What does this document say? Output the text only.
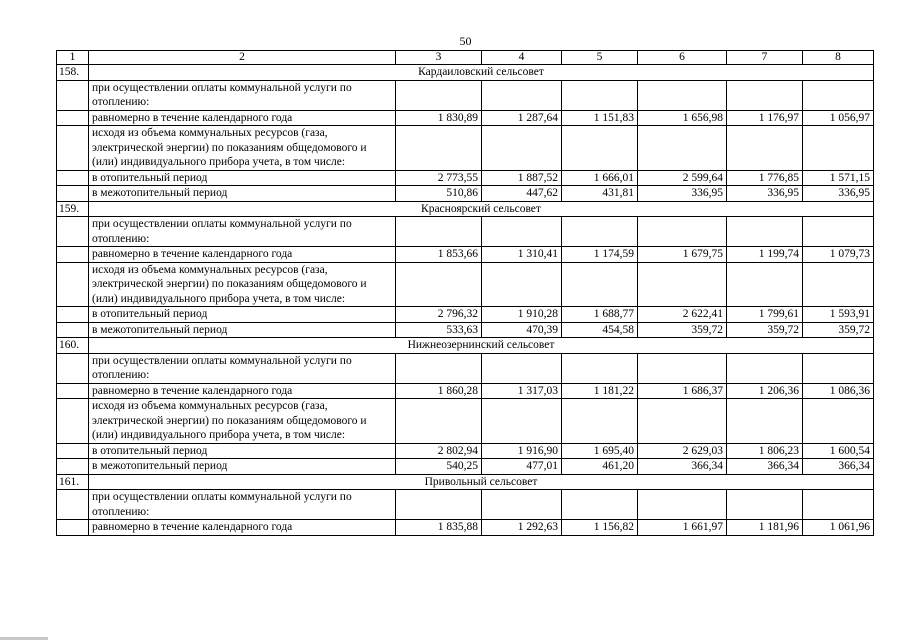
50
1	2	3	4	5	6	7	8
158.	Кардаиловский сельсовет						
	при осуществлении оплаты коммунальной услуги по отоплению:						
	равномерно в течение календарного года	1 830,89	1 287,64	1 151,83	1 656,98	1 176,97	1 056,97
	исходя из объема коммунальных ресурсов (газа, электрической энергии) по показаниям общедомового и (или) индивидуального прибора учета, в том числе:						
	в отопительный период	2 773,55	1 887,52	1 666,01	2 599,64	1 776,85	1 571,15
	в межотопительный период	510,86	447,62	431,81	336,95	336,95	336,95
159.	Красноярский сельсовет						
	при осуществлении оплаты коммунальной услуги по отоплению:						
	равномерно в течение календарного года	1 853,66	1 310,41	1 174,59	1 679,75	1 199,74	1 079,73
	исходя из объема коммунальных ресурсов (газа, электрической энергии) по показаниям общедомового и (или) индивидуального прибора учета, в том числе:						
	в отопительный период	2 796,32	1 910,28	1 688,77	2 622,41	1 799,61	1 593,91
	в межотопительный период	533,63	470,39	454,58	359,72	359,72	359,72
160.	Нижнеозернинский сельсовет						
	при осуществлении оплаты коммунальной услуги по отоплению:						
	равномерно в течение календарного года	1 860,28	1 317,03	1 181,22	1 686,37	1 206,36	1 086,36
	исходя из объема коммунальных ресурсов (газа, электрической энергии) по показаниям общедомового и (или) индивидуального прибора учета, в том числе:						
	в отопительный период	2 802,94	1 916,90	1 695,40	2 629,03	1 806,23	1 600,54
	в межотопительный период	540,25	477,01	461,20	366,34	366,34	366,34
161.	Привольный сельсовет						
	при осуществлении оплаты коммунальной услуги по отоплению:						
	равномерно в течение календарного года	1 835,88	1 292,63	1 156,82	1 661,97	1 181,96	1 061,96
